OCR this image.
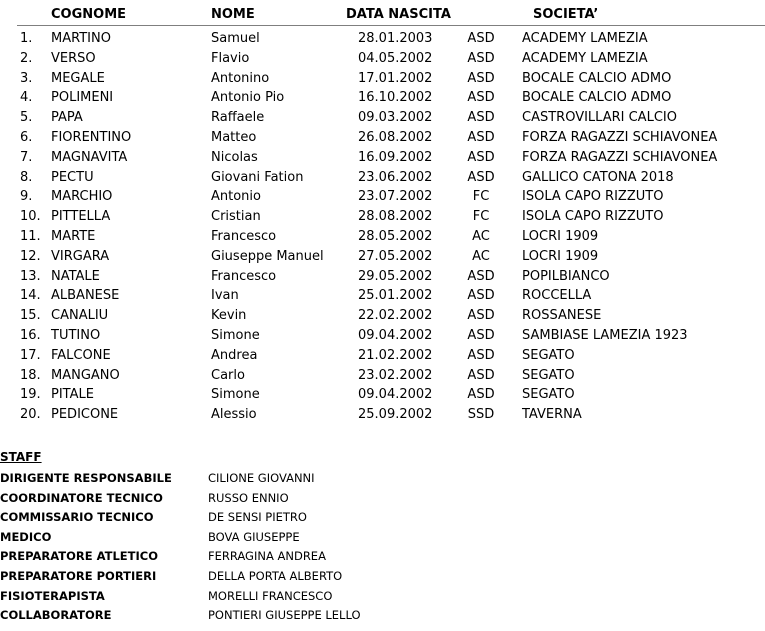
COGNOME	NOME	DATA NASCITA	SOCIETA’
1. MARTINO	Samuel	28.01.2003	ASD	ACADEMY LAMEZIA
2. VERSO	Flavio	04.05.2002	ASD	ACADEMY LAMEZIA
3. MEGALE	Antonino	17.01.2002	ASD	BOCALE CALCIO ADMO
4. POLIMENI	Antonio Pio	16.10.2002	ASD	BOCALE CALCIO ADMO
5. PAPA	Raffaele	09.03.2002	ASD	CASTROVILLARI CALCIO
6. FIORENTINO	Matteo	26.08.2002	ASD	FORZA RAGAZZI SCHIAVONEA
7. MAGNAVITA	Nicolas	16.09.2002	ASD	FORZA RAGAZZI SCHIAVONEA
8. PECTU	Giovani Fation	23.06.2002	ASD	GALLICO CATONA 2018
9. MARCHIO	Antonio	23.07.2002	FC	ISOLA CAPO RIZZUTO
10. PITTELLA	Cristian	28.08.2002	FC	ISOLA CAPO RIZZUTO
11. MARTE	Francesco	28.05.2002	AC	LOCRI 1909
12. VIRGARA	Giuseppe Manuel	27.05.2002	AC	LOCRI 1909
13. NATALE	Francesco	29.05.2002	ASD	POPILBIANCO
14. ALBANESE	Ivan	25.01.2002	ASD	ROCCELLA
15. CANALIU	Kevin	22.02.2002	ASD	ROSSANESE
16. TUTINO	Simone	09.04.2002	ASD	SAMBIASE LAMEZIA 1923
17. FALCONE	Andrea	21.02.2002	ASD	SEGATO
18. MANGANO	Carlo	23.02.2002	ASD	SEGATO
19. PITALE	Simone	09.04.2002	ASD	SEGATO
20. PEDICONE	Alessio	25.09.2002	SSD	TAVERNA
STAFF
DIRIGENTE RESPONSABILE	CILIONE GIOVANNI
COORDINATORE TECNICO	RUSSO ENNIO
COMMISSARIO TECNICO	DE SENSI PIETRO
MEDICO	BOVA GIUSEPPE
PREPARATORE ATLETICO	FERRAGINA ANDREA
PREPARATORE PORTIERI	DELLA PORTA ALBERTO
FISIOTERAPISTA	MORELLI FRANCESCO
COLLABORATORE	PONTIERI GIUSEPPE LELLO
